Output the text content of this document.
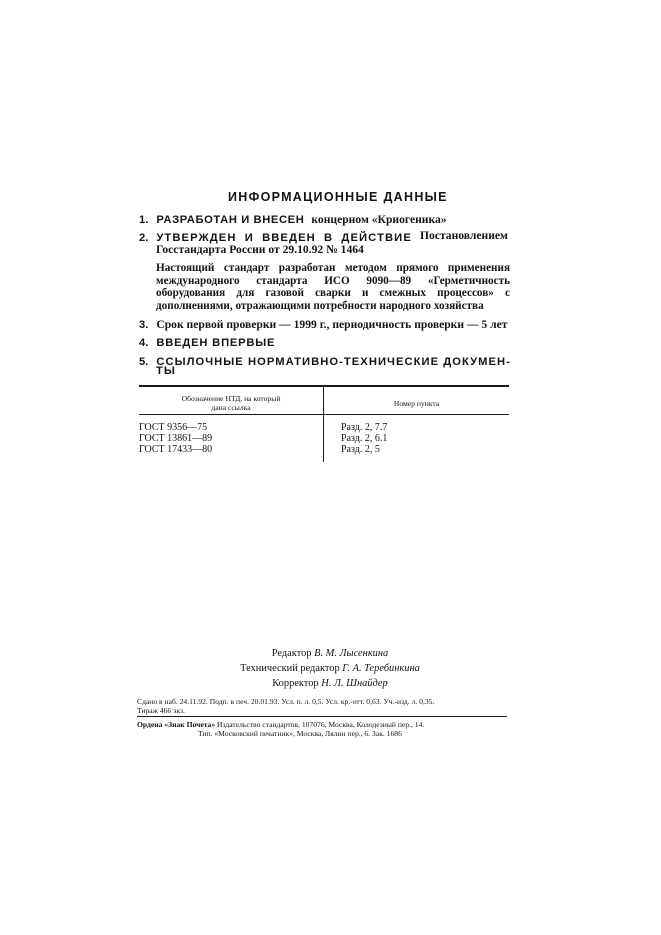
ИНФОРМАЦИОННЫЕ ДАННЫЕ
1. РАЗРАБОТАН И ВНЕСЕН концерном «Криогеника»
2. УТВЕРЖДЕН И ВВЕДЕН В ДЕЙСТВИЕ Постановлением
Госстандарта России от 29.10.92 № 1464
Настоящий стандарт разработан методом прямого применения международного стандарта ИСО 9090—89 «Герметичность оборудования для газовой сварки и смежных процессов» с дополнениями, отражающими потребности народного хозяйства
3. Срок первой проверки — 1999 г., периодичность проверки — 5 лет
4. ВВЕДЕН ВПЕРВЫЕ
5. ССЫЛОЧНЫЕ НОРМАТИВНО-ТЕХНИЧЕСКИЕ ДОКУМЕН-
ТЫ
Обозначение НТД, на который
дана ссылка	Номер пункта
ГОСТ 9356—75	Разд. 2, 7.7
ГОСТ 13861—89	Разд. 2, 6.1
ГОСТ 17433—80	Разд. 2, 5
Редактор В. М. Лысенкина
Технический редактор Г. А. Теребинкина
Корректор Н. Л. Шнайдер
Сдано в наб. 24.11.92. Подп. в печ. 20.01.93. Усл. п. л. 0,5. Усл. кр.-отт. 0,63. Уч.-изд. л. 0,35.
Тираж 466 экз.
Ордена «Знак Почета» Издательство стандартов, 107076, Москва, Колодезный пер., 14.
Тип. «Московский печатник», Москва, Лялин пер., 6. Зак. 1686
